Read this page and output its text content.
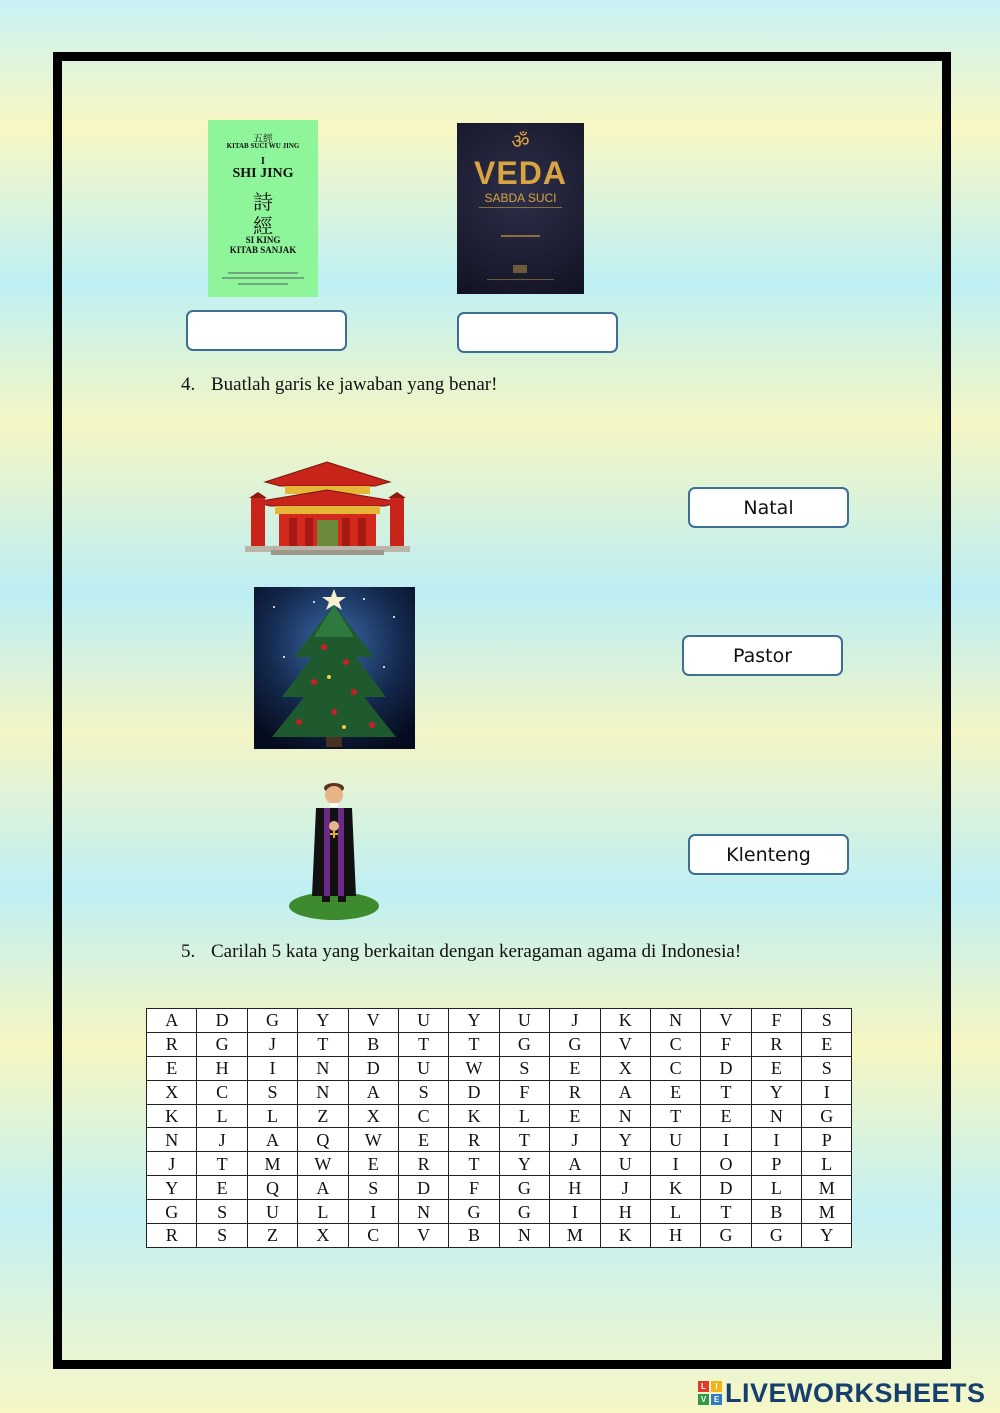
五經
KITAB SUCI WU JING
I
SHI JING
詩
經
SI KING
KITAB SANJAK
ॐ
VEDA
SABDA SUCI
4. Buatlah garis ke jawaban yang benar!
Natal
Pastor
Klenteng
5. Carilah 5 kata yang berkaitan dengan keragaman agama di Indonesia!
A	D	G	Y	V	U	Y	U	J	K	N	V	F	S
R	G	J	T	B	T	T	G	G	V	C	F	R	E
E	H	I	N	D	U	W	S	E	X	C	D	E	S
X	C	S	N	A	S	D	F	R	A	E	T	Y	I
K	L	L	Z	X	C	K	L	E	N	T	E	N	G
N	J	A	Q	W	E	R	T	J	Y	U	I	I	P
J	T	M	W	E	R	T	Y	A	U	I	O	P	L
Y	E	Q	A	S	D	F	G	H	J	K	D	L	M
G	S	U	L	I	N	G	G	I	H	L	T	B	M
R	S	Z	X	C	V	B	N	M	K	H	G	G	Y
L	I
V E LIVEWORKSHEETS
